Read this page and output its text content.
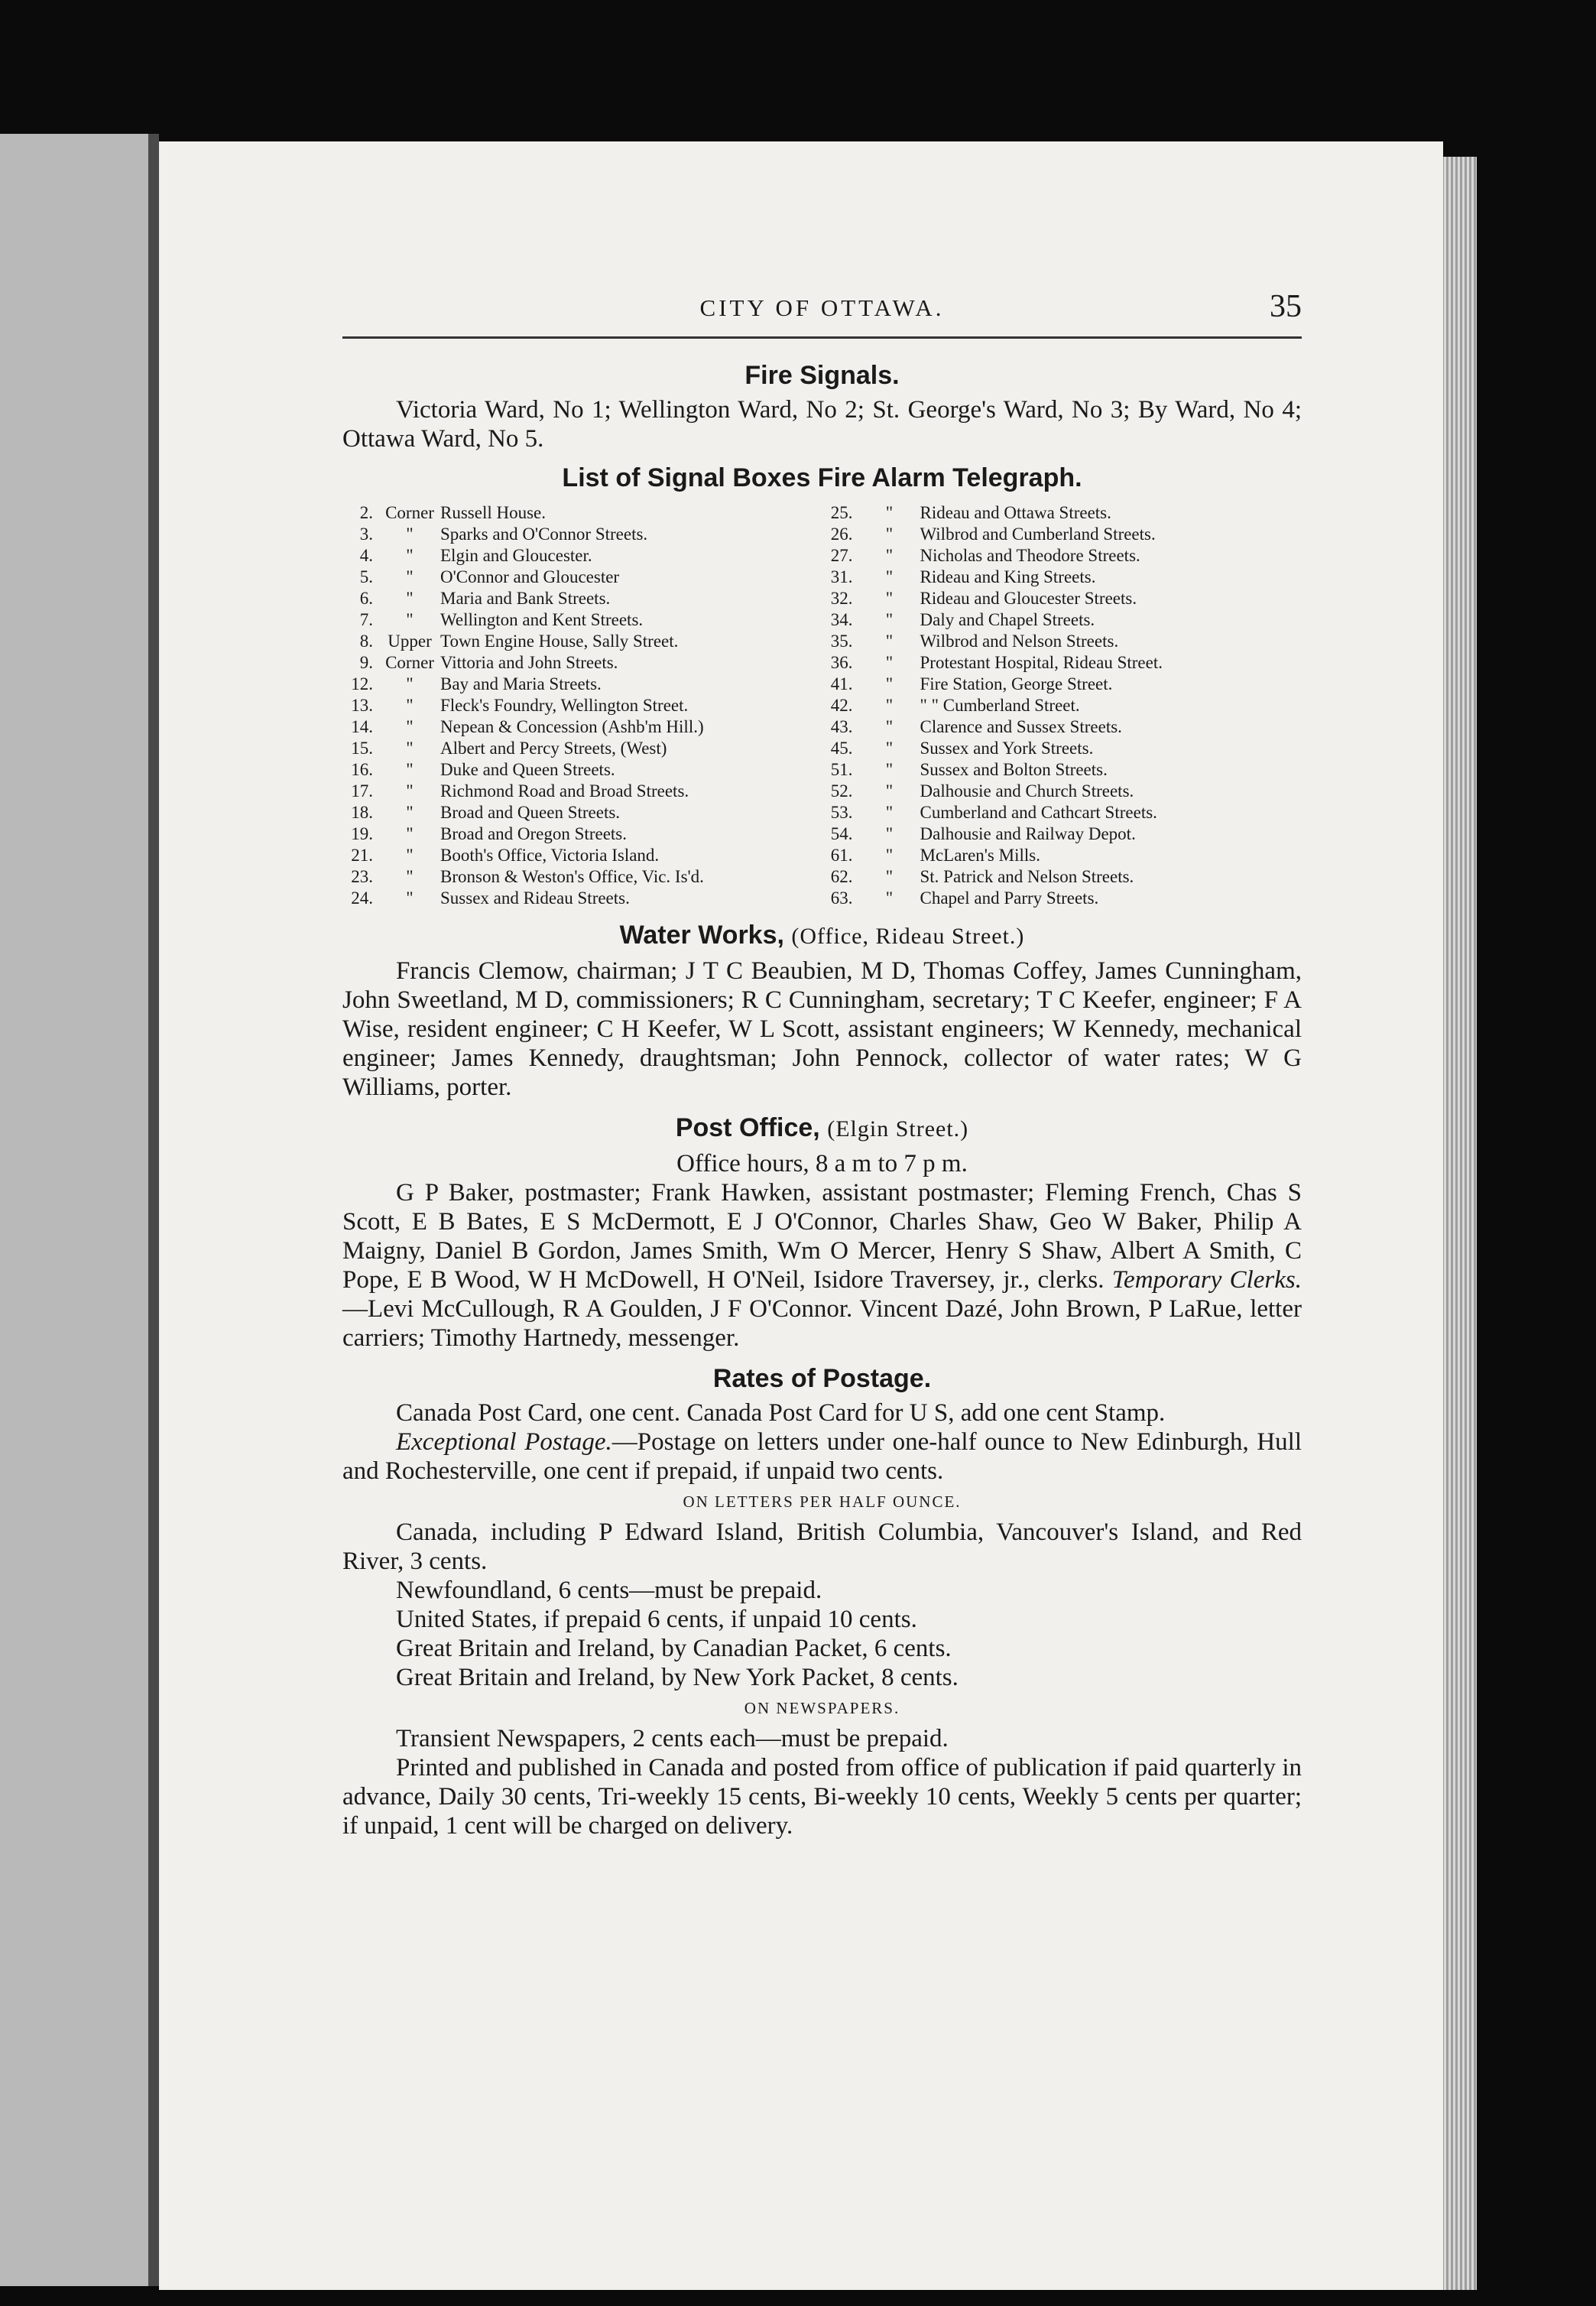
CITY OF OTTAWA.	35
Fire Signals.

Victoria Ward, No 1; Wellington Ward, No 2; St. George's Ward, No 3; By Ward, No 4; Ottawa Ward, No 5.

List of Signal Boxes Fire Alarm Telegraph.
2. Corner Russell House.
3.	"	Sparks and O'Connor Streets.
4.	"	Elgin and Gloucester.
5.	"	O'Connor and Gloucester
6.	"	Maria and Bank Streets.
7.	"	Wellington and Kent Streets.
8. Upper Town Engine House, Sally Street.
9. Corner Vittoria and John Streets.
12.	"	Bay and Maria Streets.
13.	"	Fleck's Foundry, Wellington Street.
14.	"	Nepean & Concession (Ashb'm Hill.)
15.	"	Albert and Percy Streets, (West)
16.	"	Duke and Queen Streets.
17.	"	Richmond Road and Broad Streets.
18.	"	Broad and Queen Streets.
19.	"	Broad and Oregon Streets.
21.	"	Booth's Office, Victoria Island.
23.	"	Bronson & Weston's Office, Vic. Is'd.
24.	"	Sussex and Rideau Streets.
25.	"	Rideau and Ottawa Streets.
26.	"	Wilbrod and Cumberland Streets.
27.	"	Nicholas and Theodore Streets.
31.	"	Rideau and King Streets.
32.	"	Rideau and Gloucester Streets.
34.	"	Daly and Chapel Streets.
35.	"	Wilbrod and Nelson Streets.
36.	"	Protestant Hospital, Rideau Street.
41.	"	Fire Station, George Street.
42.	"	" " Cumberland Street.
43.	"	Clarence and Sussex Streets.
45.	"	Sussex and York Streets.
51.	"	Sussex and Bolton Streets.
52.	"	Dalhousie and Church Streets.
53.	"	Cumberland and Cathcart Streets.
54.	"	Dalhousie and Railway Depot.
61.	"	McLaren's Mills.
62.	"	St. Patrick and Nelson Streets.
63.	"	Chapel and Parry Streets.
Water Works, (Office, Rideau Street.)

Francis Clemow, chairman; J T C Beaubien, M D, Thomas Coffey, James Cunningham, John Sweetland, M D, commissioners; R C Cunningham, secretary; T C Keefer, engineer; F A Wise, resident engineer; C H Keefer, W L Scott, assistant engineers; W Kennedy, mechanical engineer; James Kennedy, draughtsman; John Pennock, collector of water rates; W G Williams, porter.

Post Office, (Elgin Street.)

Office hours, 8 a m to 7 p m.

G P Baker, postmaster; Frank Hawken, assistant postmaster; Fleming French, Chas S Scott, E B Bates, E S McDermott, E J O'Connor, Charles Shaw, Geo W Baker, Philip A Maigny, Daniel B Gordon, James Smith, Wm O Mercer, Henry S Shaw, Albert A Smith, C Pope, E B Wood, W H McDowell, H O'Neil, Isidore Traversey, jr., clerks. Temporary Clerks.—Levi McCullough, R A Goulden, J F O'Connor. Vincent Dazé, John Brown, P LaRue, letter carriers; Timothy Hartnedy, messenger.

Rates of Postage.

Canada Post Card, one cent. Canada Post Card for U S, add one cent Stamp.

Exceptional Postage.—Postage on letters under one-half ounce to New Edinburgh, Hull and Rochesterville, one cent if prepaid, if unpaid two cents.

ON LETTERS PER HALF OUNCE.

Canada, including P Edward Island, British Columbia, Vancouver's Island, and Red River, 3 cents.

Newfoundland, 6 cents—must be prepaid.

United States, if prepaid 6 cents, if unpaid 10 cents.

Great Britain and Ireland, by Canadian Packet, 6 cents.

Great Britain and Ireland, by New York Packet, 8 cents.

ON NEWSPAPERS.

Transient Newspapers, 2 cents each—must be prepaid.

Printed and published in Canada and posted from office of publication if paid quarterly in advance, Daily 30 cents, Tri-weekly 15 cents, Bi-weekly 10 cents, Weekly 5 cents per quarter; if unpaid, 1 cent will be charged on delivery.
